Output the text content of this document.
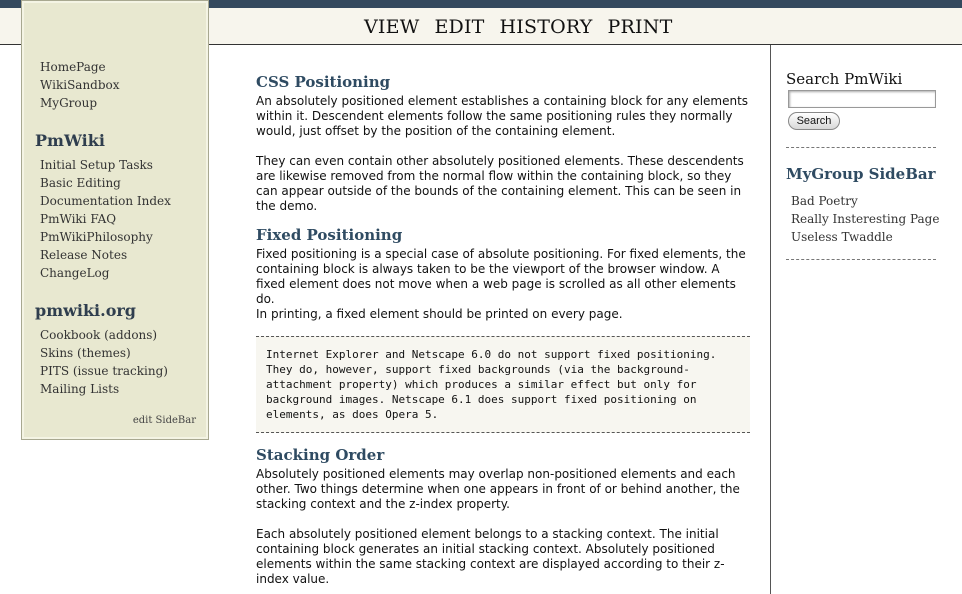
VIEW EDIT HISTORY PRINT
HomePage
WikiSandbox
MyGroup
PmWiki
Initial Setup Tasks
Basic Editing
Documentation Index
PmWiki FAQ
PmWikiPhilosophy
Release Notes
ChangeLog
pmwiki.org
Cookbook (addons)
Skins (themes)
PITS (issue tracking)
Mailing Lists
edit SideBar
CSS Positioning

An absolutely positioned element establishes a containing block for any elements within it. Descendent elements follow the same positioning rules they normally would, just offset by the position of the containing element.

They can even contain other absolutely positioned elements. These descendents are likewise removed from the normal flow within the containing block, so they can appear outside of the bounds of the containing element. This can be seen in the demo.

Fixed Positioning

Fixed positioning is a special case of absolute positioning. For fixed elements, the containing block is always taken to be the viewport of the browser window. A fixed element does not move when a web page is scrolled as all other elements do.

In printing, a fixed element should be printed on every page.

Internet Explorer and Netscape 6.0 do not support fixed positioning.
They do, however, support fixed backgrounds (via the background-
attachment property) which produces a similar effect but only for
background images. Netscape 6.1 does support fixed positioning on
elements, as does Opera 5.
Stacking Order

Absolutely positioned elements may overlap non-positioned elements and each other. Two things determine when one appears in front of or behind another, the stacking context and the z-index property.

Each absolutely positioned element belongs to a stacking context. The initial containing block generates an initial stacking context. Absolutely positioned elements within the same stacking context are displayed according to their z-index value.

Search PmWiki
Search
MyGroup SideBar
Bad Poetry
Really Insteresting Page
Useless Twaddle
